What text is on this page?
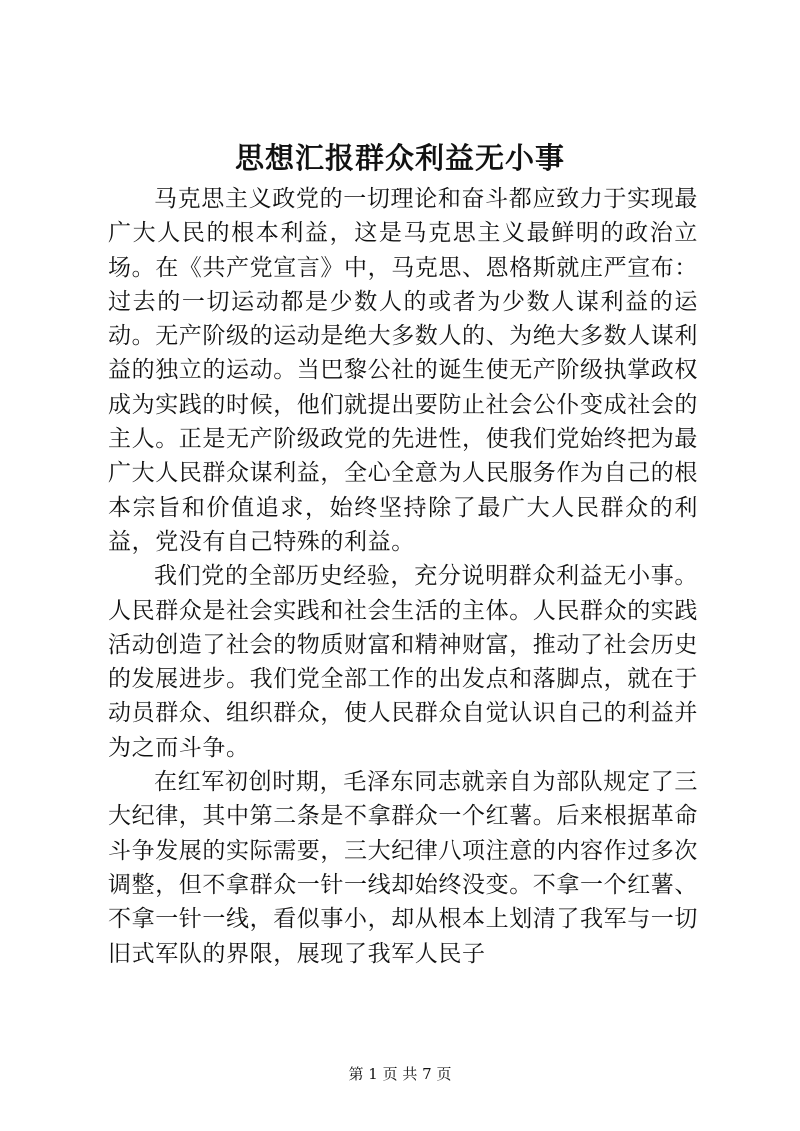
思想汇报群众利益无小事

马克思主义政党的一切理论和奋斗都应致力于实现最广大人民的根本利益，这是马克思主义最鲜明的政治立场。在《共产党宣言》中，马克思、恩格斯就庄严宣布：过去的一切运动都是少数人的或者为少数人谋利益的运动。无产阶级的运动是绝大多数人的、为绝大多数人谋利益的独立的运动。当巴黎公社的诞生使无产阶级执掌政权成为实践的时候，他们就提出要防止社会公仆变成社会的主人。正是无产阶级政党的先进性，使我们党始终把为最广大人民群众谋利益，全心全意为人民服务作为自己的根本宗旨和价值追求，始终坚持除了最广大人民群众的利益，党没有自己特殊的利益。

我们党的全部历史经验，充分说明群众利益无小事。人民群众是社会实践和社会生活的主体。人民群众的实践活动创造了社会的物质财富和精神财富，推动了社会历史的发展进步。我们党全部工作的出发点和落脚点，就在于动员群众、组织群众，使人民群众自觉认识自己的利益并为之而斗争。

在红军初创时期，毛泽东同志就亲自为部队规定了三大纪律，其中第二条是不拿群众一个红薯。后来根据革命斗争发展的实际需要，三大纪律八项注意的内容作过多次调整，但不拿群众一针一线却始终没变。不拿一个红薯、不拿一针一线，看似事小，却从根本上划清了我军与一切旧式军队的界限，展现了我军人民子

第 1 页 共 7 页
